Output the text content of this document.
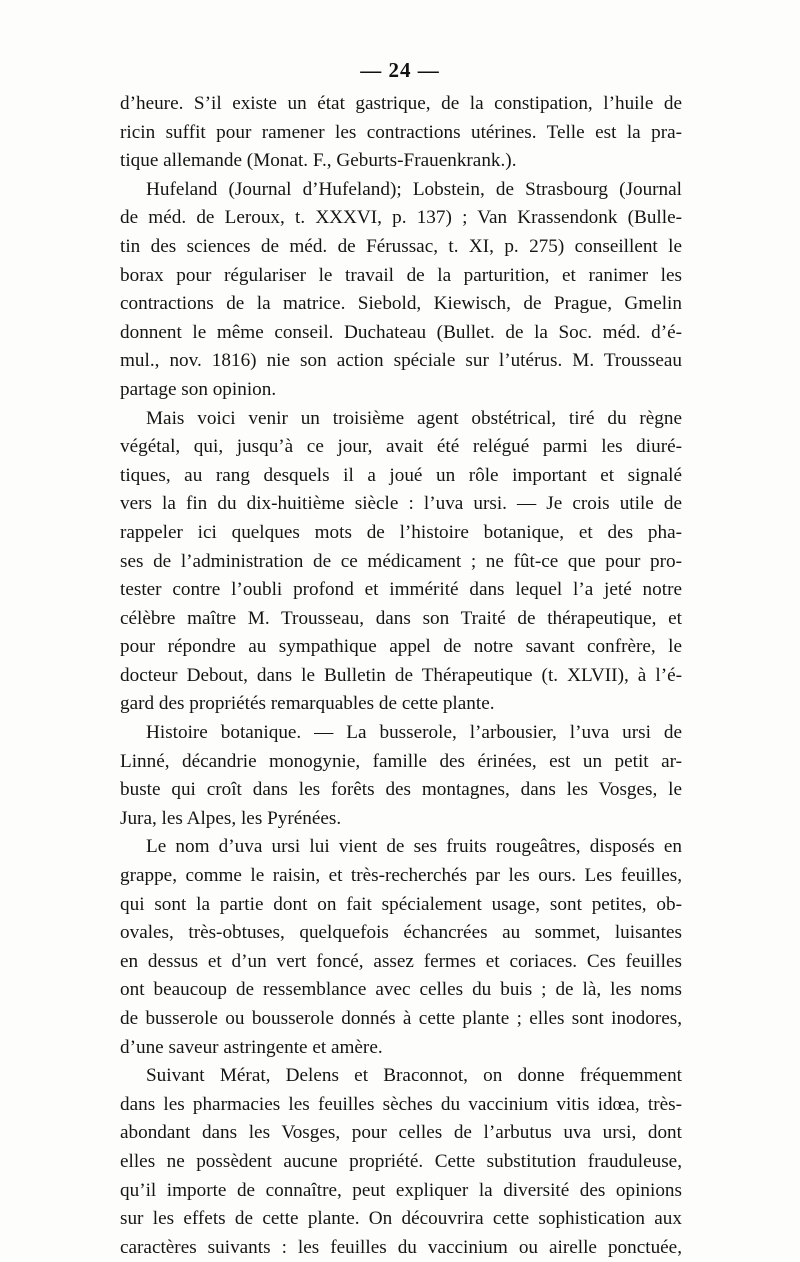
— 24 —
d’heure. S’il existe un état gastrique, de la constipation, l’huile de
ricin suffit pour ramener les contractions utérines. Telle est la pra-
tique allemande (Monat. F., Geburts-Frauenkrank.).
Hufeland (Journal d’Hufeland); Lobstein, de Strasbourg (Journal
de méd. de Leroux, t. XXXVI, p. 137) ; Van Krassendonk (Bulle-
tin des sciences de méd. de Férussac, t. XI, p. 275) conseillent le
borax pour régulariser le travail de la parturition, et ranimer les
contractions de la matrice. Siebold, Kiewisch, de Prague, Gmelin
donnent le même conseil. Duchateau (Bullet. de la Soc. méd. d’é-
mul., nov. 1816) nie son action spéciale sur l’utérus. M. Trousseau
partage son opinion.
Mais voici venir un troisième agent obstétrical, tiré du règne
végétal, qui, jusqu’à ce jour, avait été relégué parmi les diuré-
tiques, au rang desquels il a joué un rôle important et signalé
vers la fin du dix-huitième siècle : l’uva ursi. — Je crois utile de
rappeler ici quelques mots de l’histoire botanique, et des pha-
ses de l’administration de ce médicament ; ne fût-ce que pour pro-
tester contre l’oubli profond et immérité dans lequel l’a jeté notre
célèbre maître M. Trousseau, dans son Traité de thérapeutique, et
pour répondre au sympathique appel de notre savant confrère, le
docteur Debout, dans le Bulletin de Thérapeutique (t. XLVII), à l’é-
gard des propriétés remarquables de cette plante.
Histoire botanique. — La busserole, l’arbousier, l’uva ursi de
Linné, décandrie monogynie, famille des érinées, est un petit ar-
buste qui croît dans les forêts des montagnes, dans les Vosges, le
Jura, les Alpes, les Pyrénées.
Le nom d’uva ursi lui vient de ses fruits rougeâtres, disposés en
grappe, comme le raisin, et très-recherchés par les ours. Les feuilles,
qui sont la partie dont on fait spécialement usage, sont petites, ob-
ovales, très-obtuses, quelquefois échancrées au sommet, luisantes
en dessus et d’un vert foncé, assez fermes et coriaces. Ces feuilles
ont beaucoup de ressemblance avec celles du buis ; de là, les noms
de busserole ou bousserole donnés à cette plante ; elles sont inodores,
d’une saveur astringente et amère.
Suivant Mérat, Delens et Braconnot, on donne fréquemment
dans les pharmacies les feuilles sèches du vaccinium vitis idœa, très-
abondant dans les Vosges, pour celles de l’arbutus uva ursi, dont
elles ne possèdent aucune propriété. Cette substitution frauduleuse,
qu’il importe de connaître, peut expliquer la diversité des opinions
sur les effets de cette plante. On découvrira cette sophistication aux
caractères suivants : les feuilles du vaccinium ou airelle ponctuée,
